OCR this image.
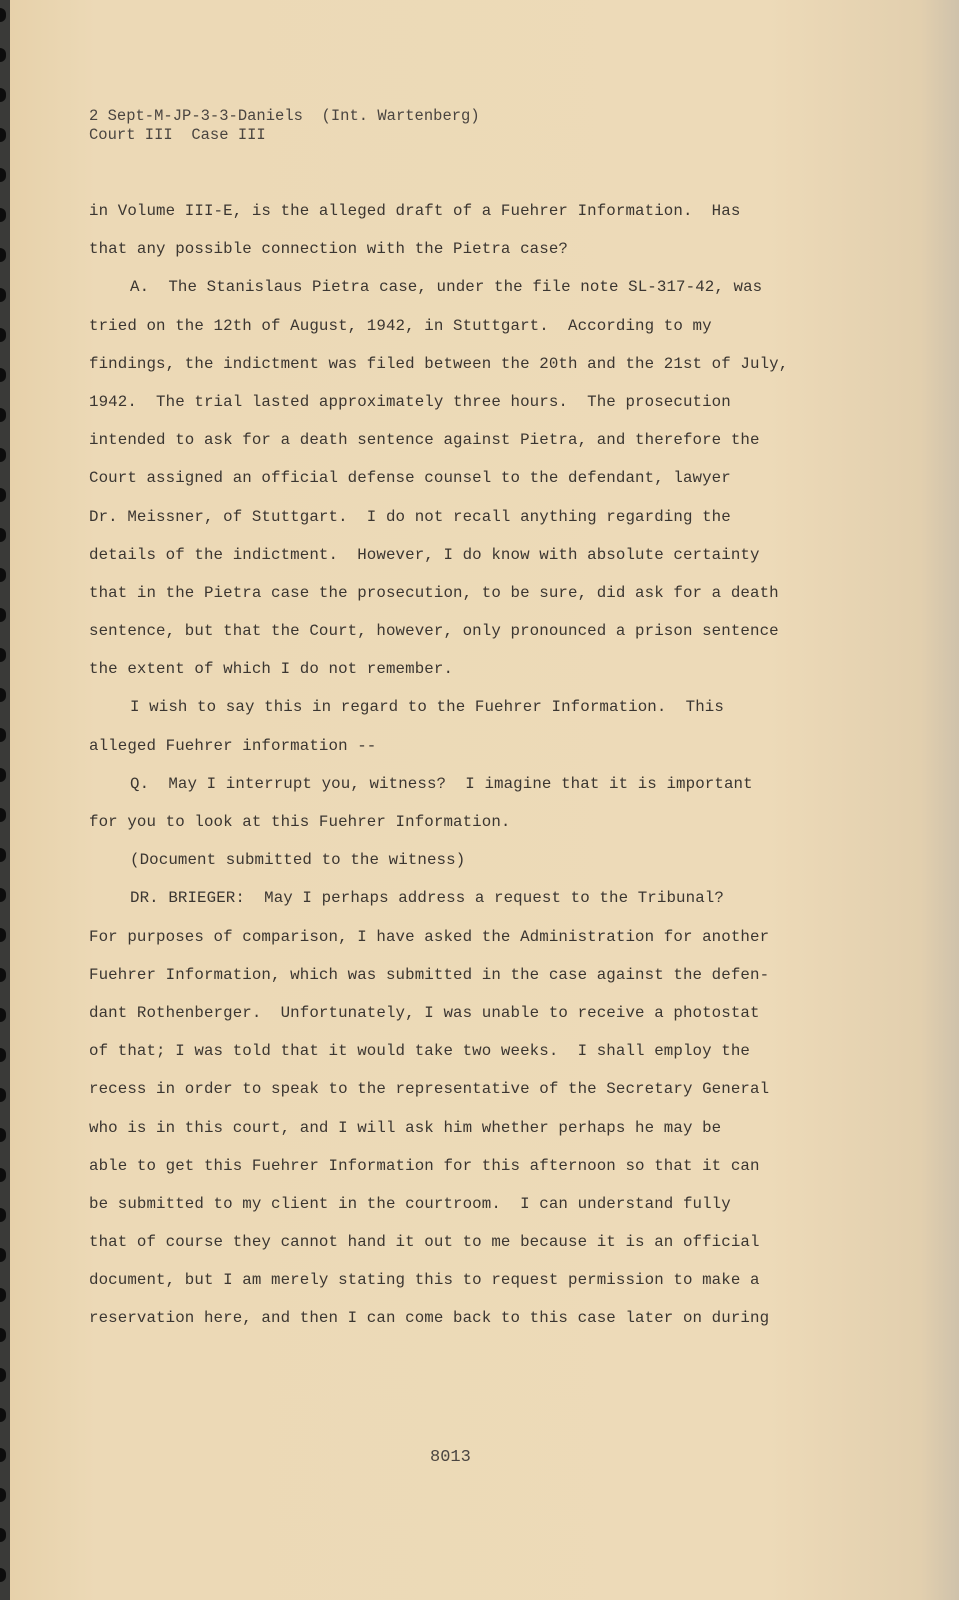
2 Sept-M-JP-3-3-Daniels  (Int. Wartenberg)
Court III  Case III
in Volume III-E, is the alleged draft of a Fuehrer Information.  Has
that any possible connection with the Pietra case?
A.  The Stanislaus Pietra case, under the file note SL-317-42, was
tried on the 12th of August, 1942, in Stuttgart.  According to my
findings, the indictment was filed between the 20th and the 21st of July,
1942.  The trial lasted approximately three hours.  The prosecution
intended to ask for a death sentence against Pietra, and therefore the
Court assigned an official defense counsel to the defendant, lawyer
Dr. Meissner, of Stuttgart.  I do not recall anything regarding the
details of the indictment.  However, I do know with absolute certainty
that in the Pietra case the prosecution, to be sure, did ask for a death
sentence, but that the Court, however, only pronounced a prison sentence
the extent of which I do not remember.
I wish to say this in regard to the Fuehrer Information.  This
alleged Fuehrer information --
Q.  May I interrupt you, witness?  I imagine that it is important
for you to look at this Fuehrer Information.
(Document submitted to the witness)
DR. BRIEGER:  May I perhaps address a request to the Tribunal?
For purposes of comparison, I have asked the Administration for another
Fuehrer Information, which was submitted in the case against the defen-
dant Rothenberger.  Unfortunately, I was unable to receive a photostat
of that; I was told that it would take two weeks.  I shall employ the
recess in order to speak to the representative of the Secretary General
who is in this court, and I will ask him whether perhaps he may be
able to get this Fuehrer Information for this afternoon so that it can
be submitted to my client in the courtroom.  I can understand fully
that of course they cannot hand it out to me because it is an official
document, but I am merely stating this to request permission to make a
reservation here, and then I can come back to this case later on during
8013
